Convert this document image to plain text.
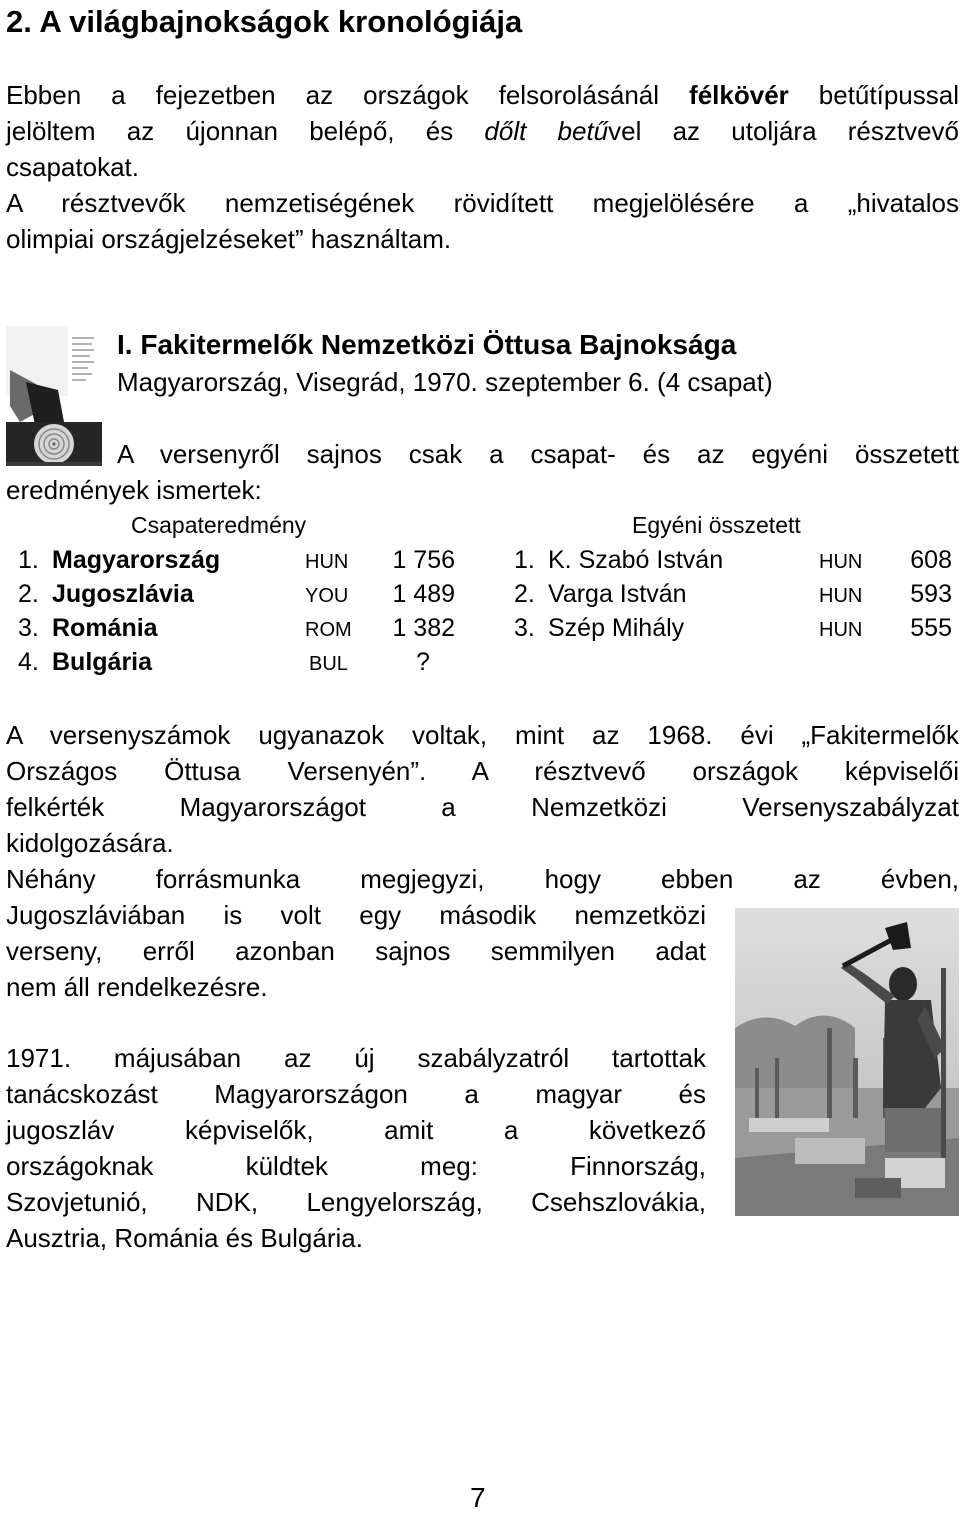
2. A világbajnokságok kronológiája

Ebben a fejezetben az országok felsorolásánál félkövér betűtípussal

jelöltem az újonnan belépő, és dőlt betűvel az utoljára résztvevő

csapatokat.

A résztvevők nemzetiségének rövidített megjelölésére a „hivatalos

olimpiai országjelzéseket” használtam.

I. Fakitermelők Nemzetközi Öttusa Bajnoksága
Magyarország, Visegrád, 1970. szeptember 6. (4 csapat)

A versenyről sajnos csak a csapat- és az egyéni összetett

eredmények ismertek:
Csapateredmény	Egyéni összetett
1. Magyarország	HUN	1 756
2. Jugoszlávia	YOU	1 489
3. Románia	ROM	1 382
4. Bulgária	BUL	?
1. K. Szabó István	HUN	608
2. Varga István	HUN	593
3. Szép Mihály	HUN	555

A versenyszámok ugyanazok voltak, mint az 1968. évi „Fakitermelők

Országos Öttusa Versenyén”. A résztvevő országok képviselői

felkérték Magyarországot a Nemzetközi Versenyszabályzat

kidolgozására.

Néhány forrásmunka megjegyzi, hogy ebben az évben,

Jugoszláviában is volt egy második nemzetközi

verseny, erről azonban sajnos semmilyen adat

nem áll rendelkezésre.

1971. májusában az új szabályzatról tartottak

tanácskozást Magyarországon a magyar és

jugoszláv képviselők, amit a következő

országoknak küldtek meg: Finnország,

Szovjetunió, NDK, Lengyelország, Csehszlovákia,

Ausztria, Románia és Bulgária.

7
